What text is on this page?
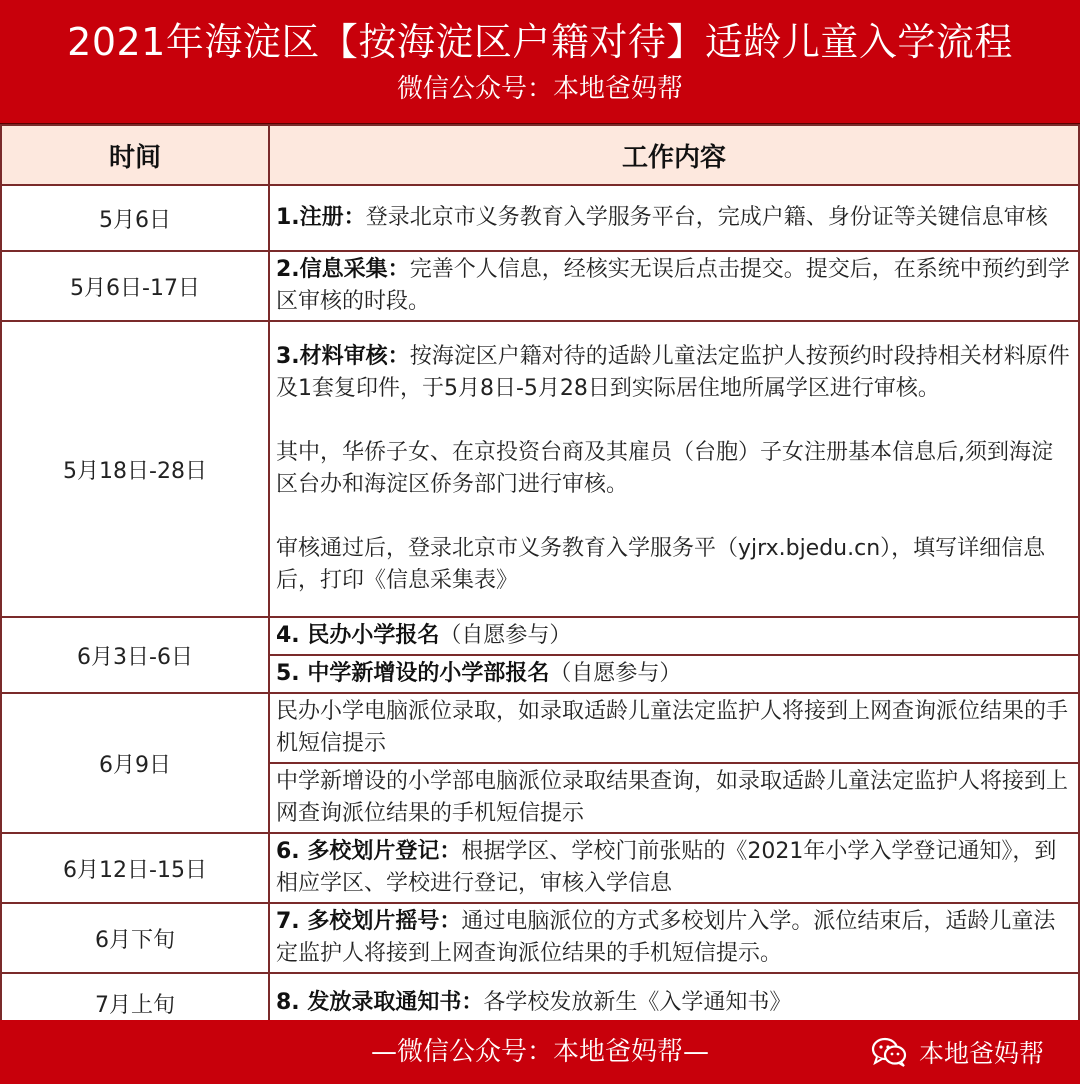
2021年海淀区【按海淀区户籍对待】适龄儿童入学流程
微信公众号：本地爸妈帮
时间	工作内容
5月6日	1.注册：登录北京市义务教育入学服务平台，完成户籍、身份证等关键信息审核
5月6日-17日	2.信息采集：完善个人信息，经核实无误后点击提交。提交后，在系统中预约到学区审核的时段。
5月18日-28日	3.材料审核：按海淀区户籍对待的适龄儿童法定监护人按预约时段持相关材料原件及1套复印件，于5月8日-5月28日到实际居住地所属学区进行审核。
其中，华侨子女、在京投资台商及其雇员（台胞）子女注册基本信息后,须到海淀区台办和海淀区侨务部门进行审核。
审核通过后，登录北京市义务教育入学服务平（yjrx.bjedu.cn），填写详细信息后，打印《信息采集表》

6月3日-6日	4. 民办小学报名（自愿参与）
	5. 中学新增设的小学部报名（自愿参与）
6月9日	民办小学电脑派位录取，如录取适龄儿童法定监护人将接到上网查询派位结果的手机短信提示
	中学新增设的小学部电脑派位录取结果查询，如录取适龄儿童法定监护人将接到上网查询派位结果的手机短信提示
6月12日-15日	6. 多校划片登记：根据学区、学校门前张贴的《2021年小学入学登记通知》，到相应学区、学校进行登记，审核入学信息
6月下旬	7. 多校划片摇号：通过电脑派位的方式多校划片入学。派位结束后，适龄儿童法定监护人将接到上网查询派位结果的手机短信提示。
7月上旬	8. 发放录取通知书：各学校发放新生《入学通知书》
—微信公众号：本地爸妈帮—	本地爸妈帮
